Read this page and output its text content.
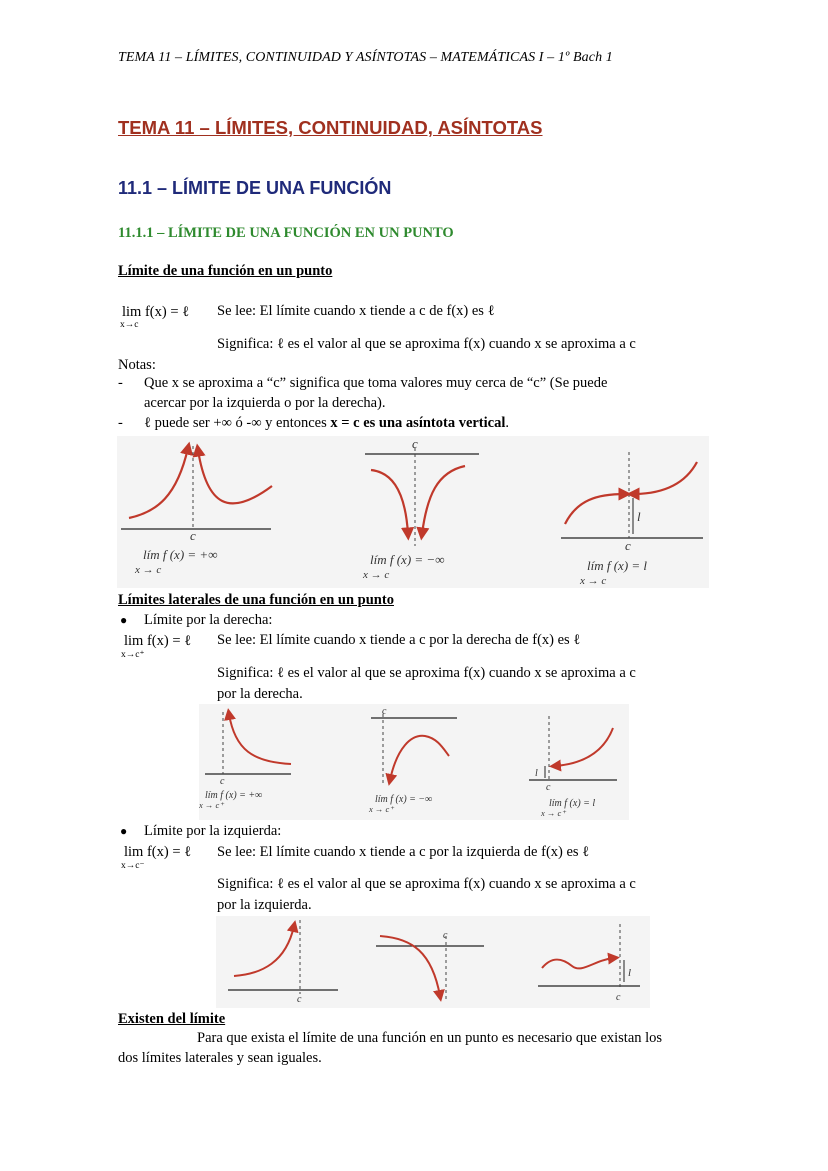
TEMA 11 – LÍMITES, CONTINUIDAD Y ASÍNTOTAS – MATEMÁTICAS I – 1º Bach 1
TEMA 11 – LÍMITES, CONTINUIDAD, ASÍNTOTAS
11.1 – LÍMITE DE UNA FUNCIÓN
11.1.1 – LÍMITE DE UNA FUNCIÓN EN UN PUNTO
Límite de una función en un punto
lim f(x) = ℓ
x→c
Se lee: El límite cuando x tiende a c de f(x) es ℓ
Significa: ℓ es el valor al que se aproxima f(x) cuando x se aproxima a c
Notas:
- Que x se aproxima a “c” significa que toma valores muy cerca de “c” (Se puede
acercar por la izquierda o por la derecha).
- ℓ puede ser +∞ ó -∞ y entonces x = c es una asíntota vertical.
c
lím f (x) = +∞
x → c
c
lím f (x) = −∞
x → c
l
c
lím f (x) = l
x → c
Límites laterales de una función en un punto
● Límite por la derecha:
lim f(x) = ℓ
x→c⁺
Se lee: El límite cuando x tiende a c por la derecha de f(x) es ℓ
Significa: ℓ es el valor al que se aproxima f(x) cuando x se aproxima a c
por la derecha.
c
lím f (x) = +∞
x → c⁺
c
lím f (x) = −∞
x → c⁺
l
c
lím f (x) = l
x → c⁺
● Límite por la izquierda:
lim f(x) = ℓ
x→c⁻
Se lee: El límite cuando x tiende a c por la izquierda de f(x) es ℓ
Significa: ℓ es el valor al que se aproxima f(x) cuando x se aproxima a c
por la izquierda.
c
c
l
c
Existen del límite
Para que exista el límite de una función en un punto es necesario que existan los
dos límites laterales y sean iguales.
